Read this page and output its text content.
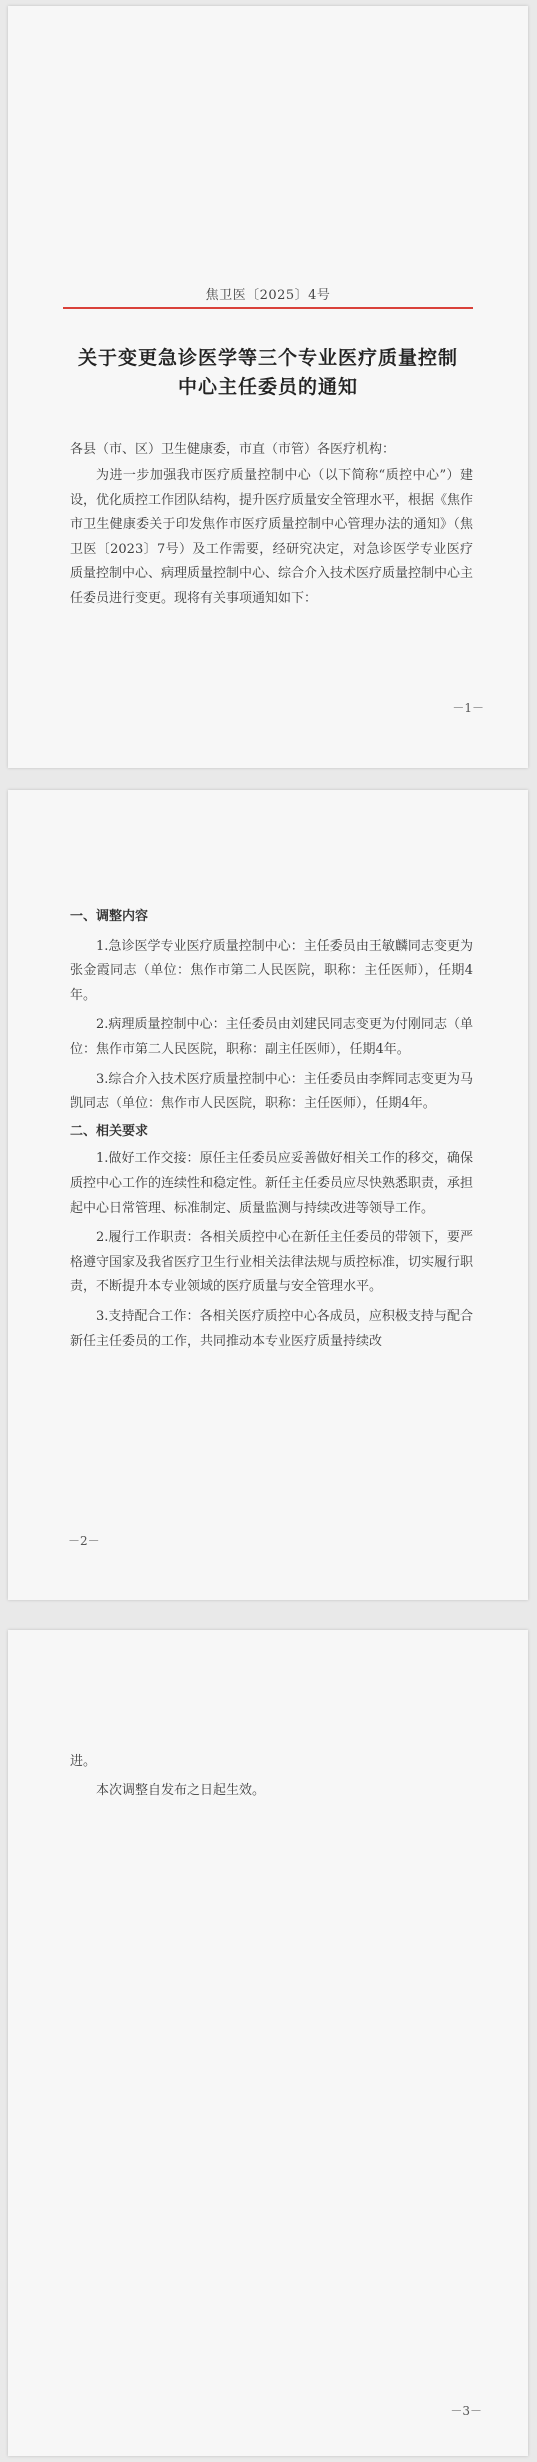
焦卫医〔2025〕4号
关于变更急诊医学等三个专业医疗质量控制
中心主任委员的通知
各县（市、区）卫生健康委，市直（市管）各医疗机构：

为进一步加强我市医疗质量控制中心（以下简称“质控中心”）建设，优化质控工作团队结构，提升医疗质量安全管理水平，根据《焦作市卫生健康委关于印发焦作市医疗质量控制中心管理办法的通知》（焦卫医〔2023〕7号）及工作需要，经研究决定，对急诊医学专业医疗质量控制中心、病理质量控制中心、综合介入技术医疗质量控制中心主任委员进行变更。现将有关事项通知如下：

－1－

一、调整内容

1.急诊医学专业医疗质量控制中心：主任委员由王敏麟同志变更为张金霞同志（单位：焦作市第二人民医院，职称：主任医师），任期4年。

2.病理质量控制中心：主任委员由刘建民同志变更为付刚同志（单位：焦作市第二人民医院，职称：副主任医师），任期4年。

3.综合介入技术医疗质量控制中心：主任委员由李辉同志变更为马凯同志（单位：焦作市人民医院，职称：主任医师），任期4年。

二、相关要求

1.做好工作交接：原任主任委员应妥善做好相关工作的移交，确保质控中心工作的连续性和稳定性。新任主任委员应尽快熟悉职责，承担起中心日常管理、标准制定、质量监测与持续改进等领导工作。

2.履行工作职责：各相关质控中心在新任主任委员的带领下，要严格遵守国家及我省医疗卫生行业相关法律法规与质控标准，切实履行职责，不断提升本专业领域的医疗质量与安全管理水平。

3.支持配合工作：各相关医疗质控中心各成员，应积极支持与配合新任主任委员的工作，共同推动本专业医疗质量持续改

－2－

进。

本次调整自发布之日起生效。

－3－
